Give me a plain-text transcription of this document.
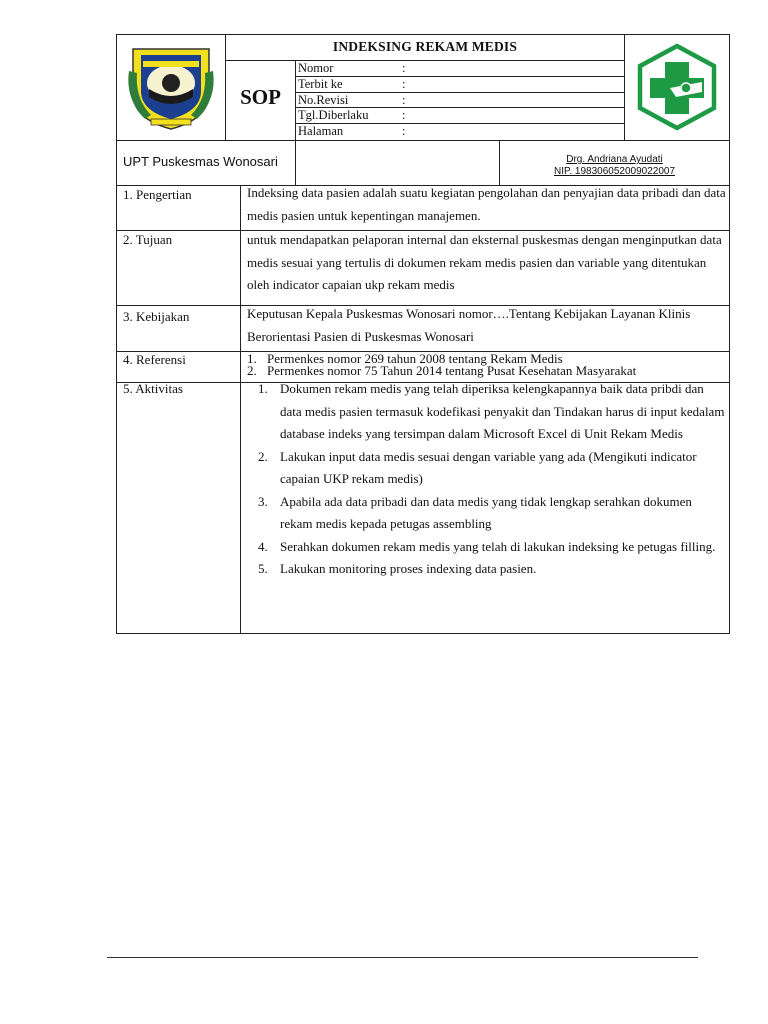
INDEKSING REKAM MEDIS
SOP
Nomor	:
Terbit ke	:
No.Revisi	:
Tgl.Diberlaku	:
Halaman	:
UPT Puskesmas Wonosari	Drg. Andriana Ayudati
NIP. 198306052009022007
1. Pengertian	Indeksing data pasien adalah suatu kegiatan pengolahan dan penyajian data pribadi dan data medis pasien untuk kepentingan manajemen.
2. Tujuan	untuk mendapatkan pelaporan internal dan eksternal puskesmas dengan menginputkan data medis sesuai yang tertulis di dokumen rekam medis pasien dan variable yang ditentukan oleh indicator capaian ukp rekam medis
3. Kebijakan	Keputusan Kepala Puskesmas Wonosari nomor….Tentang Kebijakan Layanan Klinis Berorientasi Pasien di Puskesmas Wonosari
4. Referensi	1. Permenkes nomor 269 tahun 2008 tentang Rekam Medis
2. Permenkes nomor 75 Tahun 2014 tentang Pusat Kesehatan Masyarakat
5. Aktivitas	1. Dokumen rekam medis yang telah diperiksa kelengkapannya baik data pribdi dan data medis pasien termasuk kodefikasi penyakit dan Tindakan harus di input kedalam database indeks yang tersimpan dalam Microsoft Excel di Unit Rekam Medis
2. Lakukan input data medis sesuai dengan variable yang ada (Mengikuti indicator capaian UKP rekam medis)
3. Apabila ada data pribadi dan data medis yang tidak lengkap serahkan dokumen rekam medis kepada petugas assembling
4. Serahkan dokumen rekam medis yang telah di lakukan indeksing ke petugas filling.
5. Lakukan monitoring proses indexing data pasien.
